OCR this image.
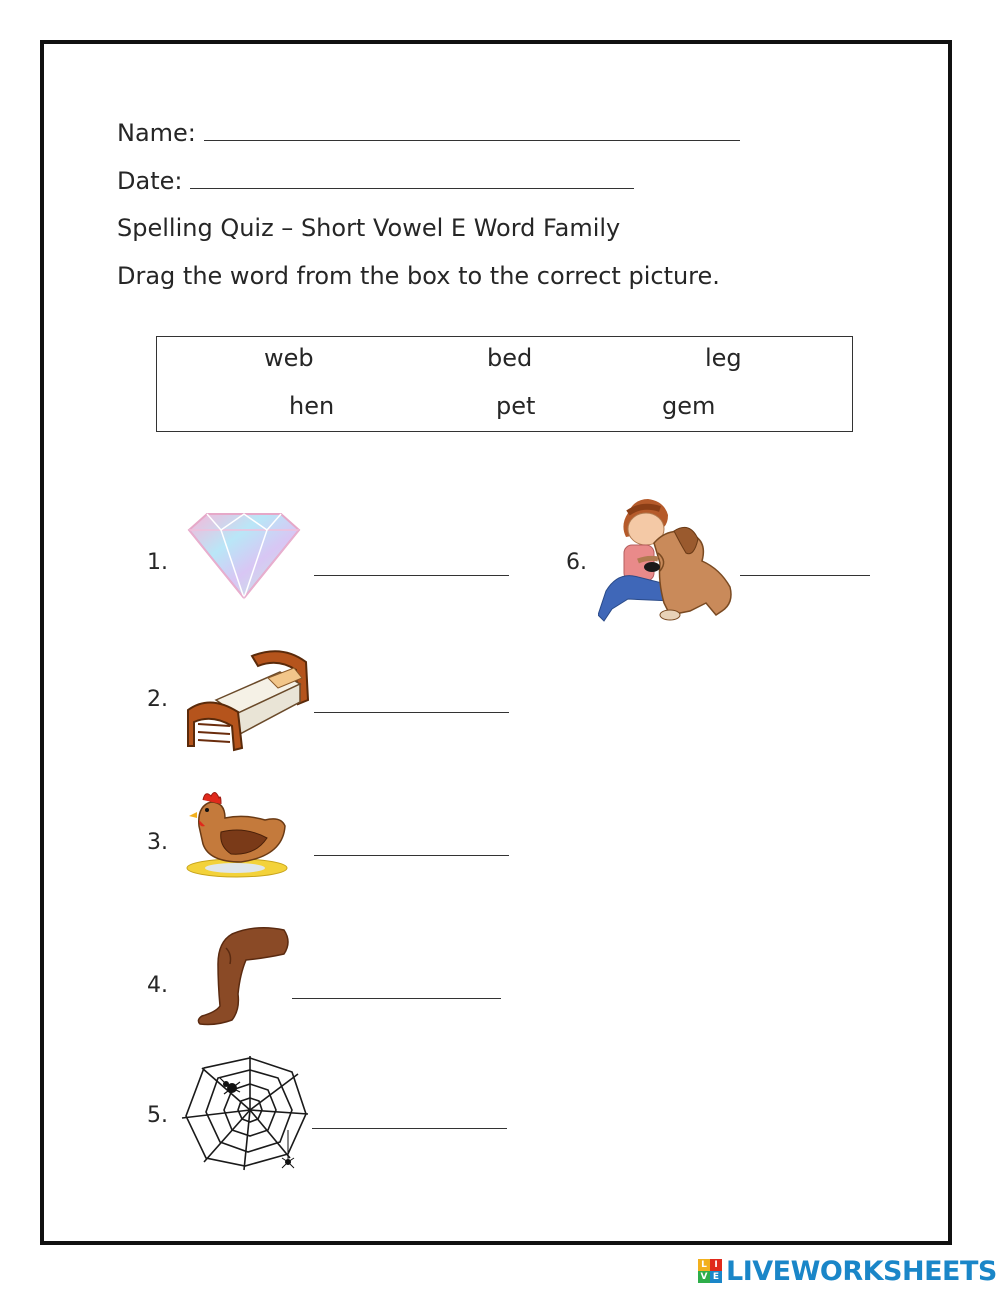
Name:
Date:
Spelling Quiz – Short Vowel E Word Family
Drag the word from the box to the correct picture.
web	bed	leg
hen	pet	gem
1.
2.
3.
4.
5.
6.
L I
V E LIVEWORKSHEETS
